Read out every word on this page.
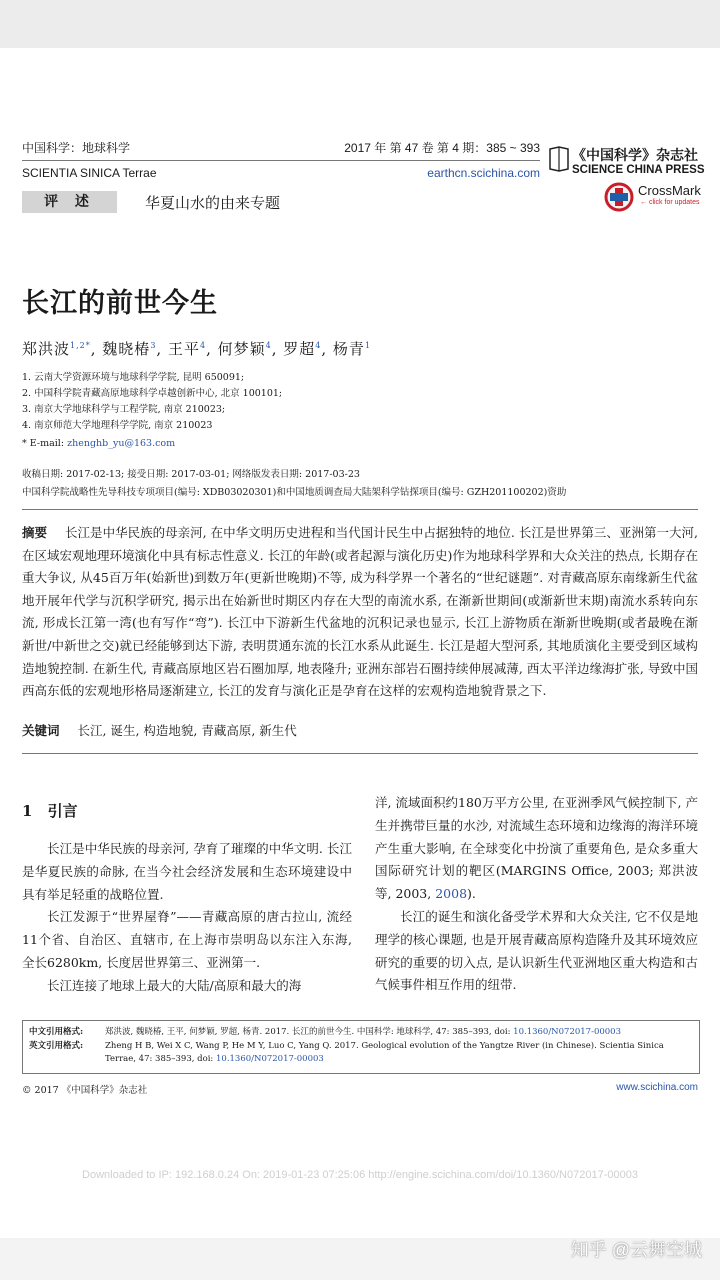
中国科学：地球科学	2017 年 第 47 卷 第 4 期：385 ~ 393
SCIENTIA SINICA Terrae	earthcn.scichina.com
《中国科学》杂志社
SCIENCE CHINA PRESS
CrossMark
← click for updates
评 述	华夏山水的由来专题
长江的前世今生
郑洪波$^{1,2*}$, 魏晓椿$^3$, 王平$^4$, 何梦颖$^4$, 罗超$^4$, 杨青$^1$
1. 云南大学资源环境与地球科学学院, 昆明 650091;
2. 中国科学院青藏高原地球科学卓越创新中心, 北京 100101;
3. 南京大学地球科学与工程学院, 南京 210023;
4. 南京师范大学地理科学学院, 南京 210023
* E-mail: zhenghb_yu@163.com
收稿日期: 2017-02-13; 接受日期: 2017-03-01; 网络版发表日期: 2017-03-23
中国科学院战略性先导科技专项项目(编号: XDB03020301)和中国地质调查局大陆架科学钻探项目(编号: GZH201100202)资助
摘要 长江是中华民族的母亲河, 在中华文明历史进程和当代国计民生中占据独特的地位. 长江是世界第三、亚洲第一大河, 在区域宏观地理环境演化中具有标志性意义. 长江的年龄(或者起源与演化历史)作为地球科学界和大众关注的热点, 长期存在重大争议, 从45百万年(始新世)到数万年(更新世晚期)不等, 成为科学界一个著名的“世纪谜题”. 对青藏高原东南缘新生代盆地开展年代学与沉积学研究, 揭示出在始新世时期区内存在大型的南流水系, 在渐新世期间(或渐新世末期)南流水系转向东流, 形成长江第一湾(也有写作“弯”). 长江中下游新生代盆地的沉积记录也显示, 长江上游物质在渐新世晚期(或者最晚在渐新世/中新世之交)就已经能够到达下游, 表明贯通东流的长江水系从此诞生. 长江是超大型河系, 其地质演化主要受到区域构造地貌控制. 在新生代, 青藏高原地区岩石圈加厚, 地表隆升; 亚洲东部岩石圈持续伸展减薄, 西太平洋边缘海扩张, 导致中国西高东低的宏观地形格局逐渐建立, 长江的发育与演化正是孕育在这样的宏观构造地貌背景之下.
关键词 长江, 诞生, 构造地貌, 青藏高原, 新生代
1 引言

长江是中华民族的母亲河, 孕育了璀璨的中华文明. 长江是华夏民族的命脉, 在当今社会经济发展和生态环境建设中具有举足轻重的战略位置.

长江发源于“世界屋脊”——青藏高原的唐古拉山, 流经11个省、自治区、直辖市, 在上海市崇明岛以东注入东海, 全长6280km, 长度居世界第三、亚洲第一.

长江连接了地球上最大的大陆/高原和最大的海

洋, 流域面积约180万平方公里, 在亚洲季风气候控制下, 产生并携带巨量的水沙, 对流域生态环境和边缘海的海洋环境产生重大影响, 在全球变化中扮演了重要角色, 是众多重大国际研究计划的靶区(MARGINS Office, 2003; 郑洪波等, 2003, 2008).

长江的诞生和演化备受学术界和大众关注, 它不仅是地理学的核心课题, 也是开展青藏高原构造隆升及其环境效应研究的重要的切入点, 是认识新生代亚洲地区重大构造和古气候事件相互作用的纽带.

中文引用格式:	郑洪波, 魏晓椿, 王平, 何梦颖, 罗超, 杨青. 2017. 长江的前世今生. 中国科学: 地球科学, 47: 385–393, doi: 10.1360/N072017-00003
英文引用格式:	Zheng H B, Wei X C, Wang P, He M Y, Luo C, Yang Q. 2017. Geological evolution of the Yangtze River (in Chinese). Scientia Sinica Terrae, 47: 385–393, doi: 10.1360/N072017-00003
© 2017 《中国科学》杂志社	www.scichina.com
Downloaded to IP: 192.168.0.24 On: 2019-01-23 07:25:06 http://engine.scichina.com/doi/10.1360/N072017-00003
知乎 @云舞空城
